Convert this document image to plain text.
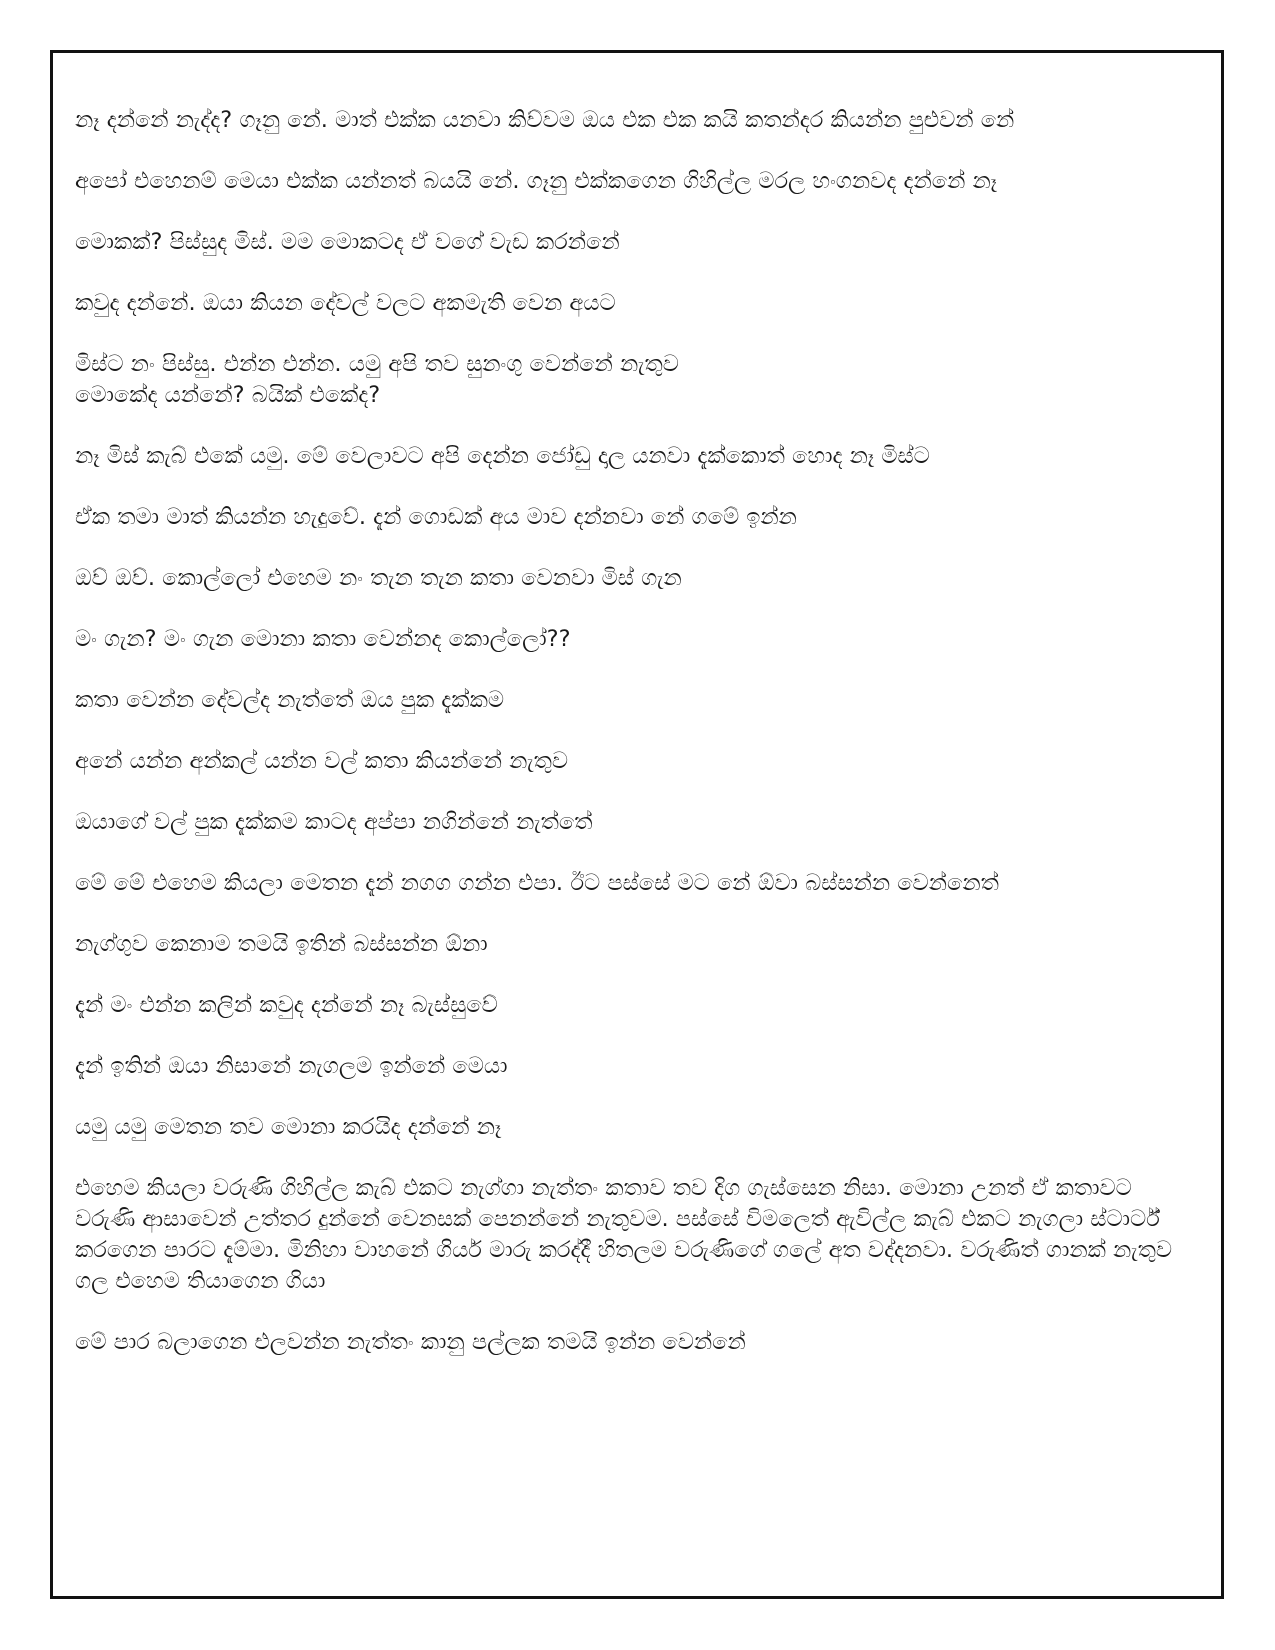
නෑ දන්නේ නැද්ද? ගෑනු නේ. මාත් එක්ක යනවා කිව්වම ඔය එක එක කයි කතන්දර කියන්න පුළුවන් නේ

අපෝ එහෙනම් මෙයා එක්ක යන්නත් බයයි නේ. ගෑනු එක්කගෙන ගිහිල්ල මරල හංගනවද දන්නේ නෑ

මොකක්? පිස්සුද මිස්. මම මොකටද ඒ වගේ වැඩ කරන්නේ

කවුද දන්නේ. ඔයා කියන දේවල් වලට අකමැති වෙන අයට

මිස්ට නං පිස්සු. එන්න එන්න. යමු අපි තව සුනංගු වෙන්නේ නැතුව
මොකේද යන්නේ? බයික් එකේද?

නෑ මිස් කැබ් එකේ යමු. මේ වෙලාවට අපි දෙන්න ජෝඩු දාල යනවා දැක්කොත් හොද නෑ මිස්ට

ඒක තමා මාත් කියන්න හැදුවේ. දැන් ගොඩක් අය මාව දන්නවා නේ ගමේ ඉන්න

ඔව් ඔව්. කොල්ලෝ එහෙම නං තැන තැන කතා වෙනවා මිස් ගැන

මං ගැන? මං ගැන මොනා කතා වෙන්නද කොල්ලෝ??

කතා වෙන්න දේවල්ද නැත්තේ ඔය පුක දැක්කම

අනේ යන්න අන්කල් යන්න වල් කතා කියන්නේ නැතුව

ඔයාගේ වල් පුක දැක්කම කාටද අප්පා නගින්නේ නැත්තේ

මේ මේ එහෙම කියලා මෙතන දැන් නගග ගන්න එපා. ඊට පස්සේ මට නේ ඕවා බස්සන්න වෙන්නෙත්

නැග්ගුව කෙනාම තමයි ඉතින් බස්සන්න ඕනා

දැන් මං එන්න කලින් කවුද දන්නේ නෑ බැස්සුවේ

දැන් ඉතින් ඔයා නිසානේ නැගලම ඉන්නේ මෙයා

යමු යමු මෙතන තව මොනා කරයිද දන්නේ නෑ

එහෙම කියලා වරුණි ගිහිල්ල කැබ් එකට නැග්ගා නැත්තං කතාව තව දිග ගැස්සෙන නිසා. මොනා උනත් ඒ කතාවට වරුණි ආසාවෙන් උත්තර දුන්නේ වෙනසක් පෙනන්නේ නැතුවම. පස්සේ විමලෙත් ඇවිල්ල කැබ් එකට නැගලා ස්ටාර්ට් කරගෙන පාරට දැම්මා. මිනිහා වාහනේ ගියර් මාරු කරද්දී හිතලම වරුණිගේ ගලේ අත වද්දනවා. වරුණිත් ගානක් නැතුව ගල එහෙම තියාගෙන ගියා

මේ පාර බලාගෙන එලවන්න නැත්තං කානු පල්ලක තමයි ඉන්න වෙන්නේ
